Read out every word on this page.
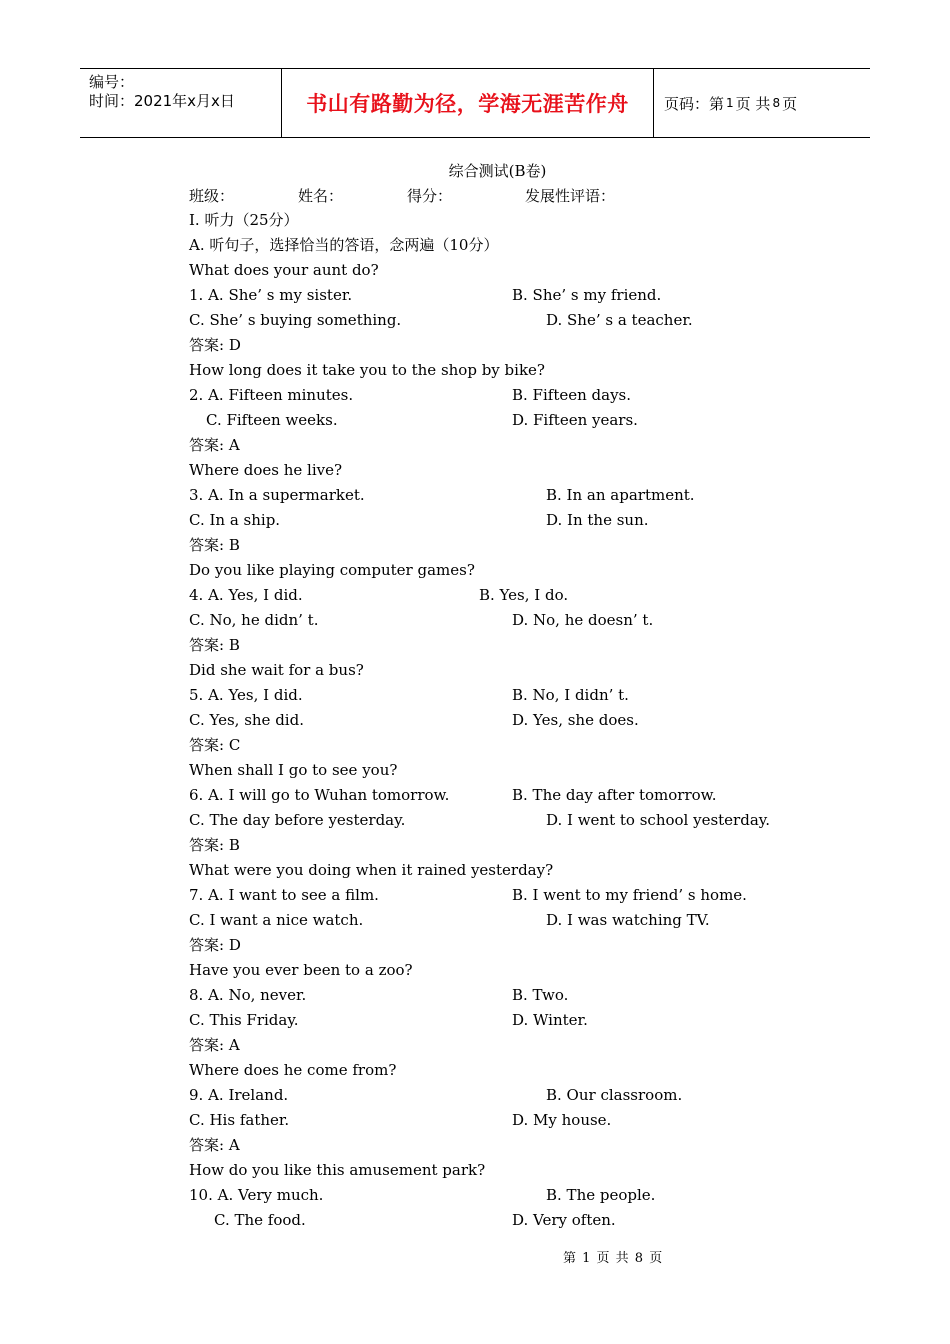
编号：
时间：2021年x月x日	书山有路勤为径，学海无涯苦作舟	页码：第 1 页 共 8 页
综合测试(B卷)
班级：	姓名：	得分：	发展性评语：
I. 听力（25分）
A. 听句子，选择恰当的答语，念两遍（10分）
What does your aunt do?
1. A. She’ s my sister.	B. She’ s my friend.
C. She’ s buying something.	D. She’ s a teacher.
答案: D
How long does it take you to the shop by bike?
2. A. Fifteen minutes.	B. Fifteen days.
C. Fifteen weeks.	D. Fifteen years.
答案: A
Where does he live?
3. A. In a supermarket.	B. In an apartment.
C. In a ship.	D. In the sun.
答案: B
Do you like playing computer games?
4. A. Yes, I did.	B. Yes, I do.
C. No, he didn’ t.	D. No, he doesn’ t.
答案: B
Did she wait for a bus?
5. A. Yes, I did.	B. No, I didn’ t.
C. Yes, she did.	D. Yes, she does.
答案: C
When shall I go to see you?
6. A. I will go to Wuhan tomorrow.	B. The day after tomorrow.
C. The day before yesterday.	D. I went to school yesterday.
答案: B
What were you doing when it rained yesterday?
7. A. I want to see a film.	B. I went to my friend’ s home.
C. I want a nice watch.	D. I was watching TV.
答案: D
Have you ever been to a zoo?
8. A. No, never.	B. Two.
C. This Friday.	D. Winter.
答案: A
Where does he come from?
9. A. Ireland.	B. Our classroom.
C. His father.	D. My house.
答案: A
How do you like this amusement park?
10. A. Very much.	B. The people.
C. The food.	D. Very often.
第 1 页 共 8 页
